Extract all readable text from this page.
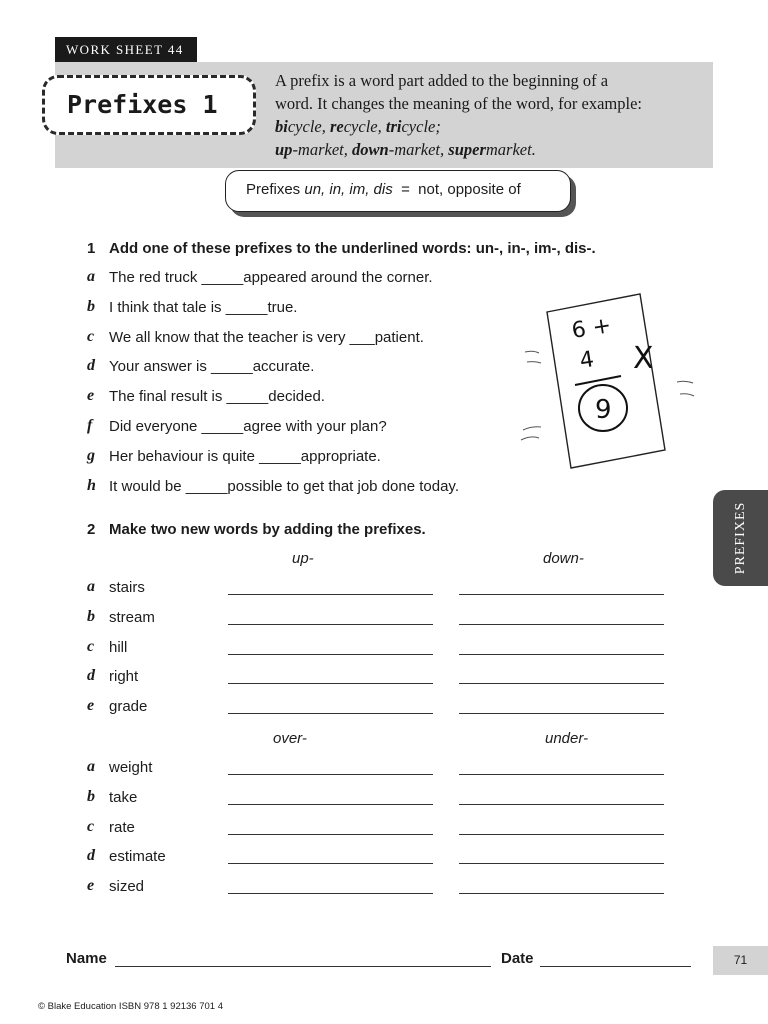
WORK SHEET 44
Prefixes 1
A prefix is a word part added to the beginning of a
word. It changes the meaning of the word, for example:
bicycle, recycle, tricycle;
up-market, down-market, supermarket.
Prefixes un, in, im, dis  =  not, opposite of
1 Add one of these prefixes to the underlined words: un-, in-, im-, dis-.
a The red truck _____appeared around the corner.
b I think that tale is _____true.
c We all know that the teacher is very ___patient.
d Your answer is _____accurate.
e The final result is _____decided.
f Did everyone _____agree with your plan?
g Her behaviour is quite _____appropriate.
h It would be _____possible to get that job done today.
6 +
4
9
X
2 Make two new words by adding the prefixes.
up-	down-
over-	under-
a stairs
b stream
c hill
d right
e grade
a weight
b take
c rate
d estimate
e sized
PREFIXES
Name	Date	71
© Blake Education ISBN 978 1 92136 701 4
